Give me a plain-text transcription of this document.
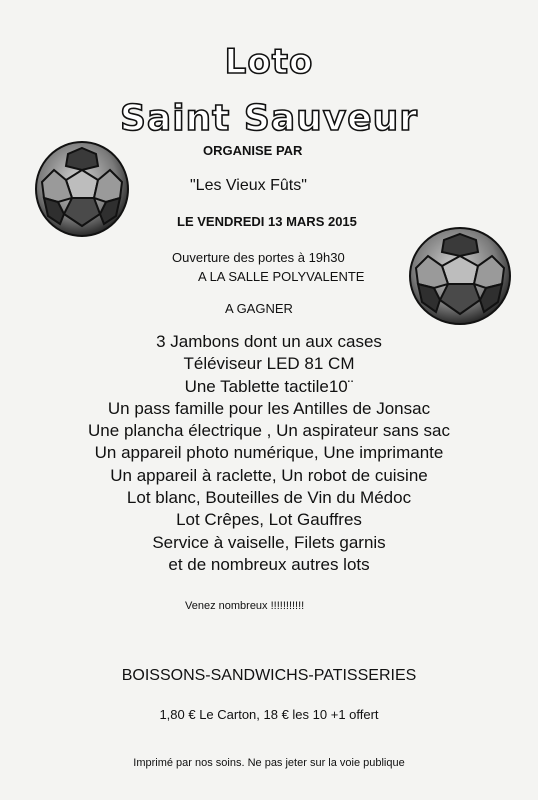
Loto
Saint Sauveur
ORGANISE PAR
"Les Vieux Fûts"
LE VENDREDI 13 MARS 2015
Ouverture des portes à 19h30
A LA SALLE POLYVALENTE
A GAGNER
3 Jambons dont un aux cases
Téléviseur LED 81 CM
Une Tablette tactile10¨
Un pass famille pour les Antilles de Jonsac
Une plancha électrique , Un aspirateur sans sac
Un appareil photo numérique, Une imprimante
Un appareil à raclette, Un robot de cuisine
Lot blanc, Bouteilles de Vin du Médoc
Lot Crêpes, Lot Gauffres
Service à vaiselle, Filets garnis
et de nombreux autres lots
Venez nombreux !!!!!!!!!!!
BOISSONS-SANDWICHS-PATISSERIES
1,80 € Le Carton, 18 € les 10 +1 offert
Imprimé par nos soins. Ne pas jeter sur la voie publique
